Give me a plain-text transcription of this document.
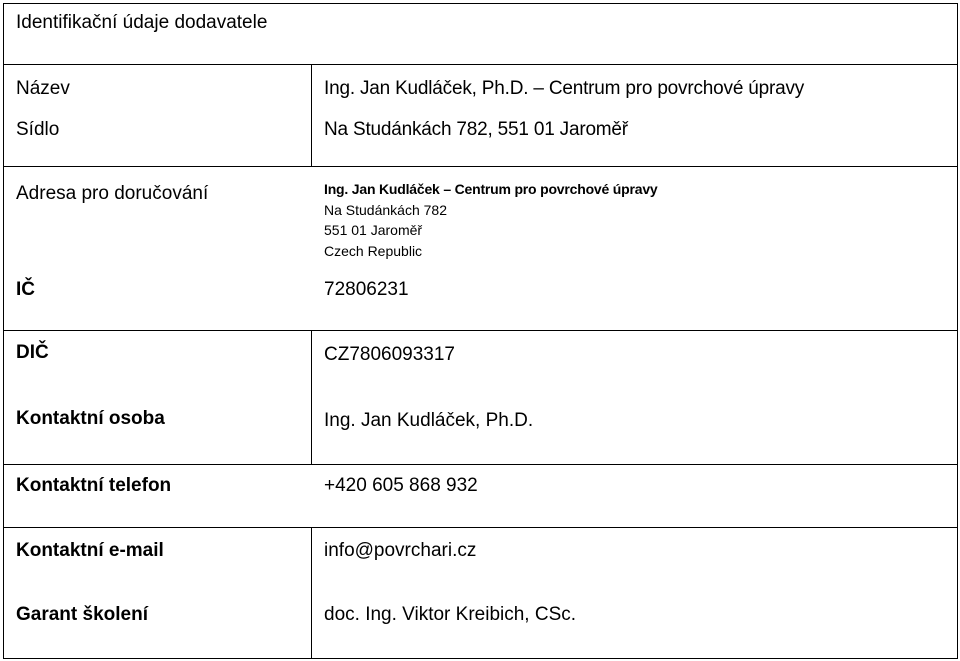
Identifikační údaje dodavatele
Název	Ing. Jan Kudláček, Ph.D. – Centrum pro povrchové úpravy
Sídlo	Na Studánkách 782, 551 01 Jaroměř
Adresa pro doručování	Ing. Jan Kudláček – Centrum pro povrchové úpravy
Na Studánkách 782
551 01 Jaroměř
Czech Republic
IČ	72806231
DIČ	CZ7806093317
Kontaktní osoba	Ing. Jan Kudláček, Ph.D.
Kontaktní telefon	+420 605 868 932
Kontaktní e-mail	info@povrchari.cz
Garant školení	doc. Ing. Viktor Kreibich, CSc.
